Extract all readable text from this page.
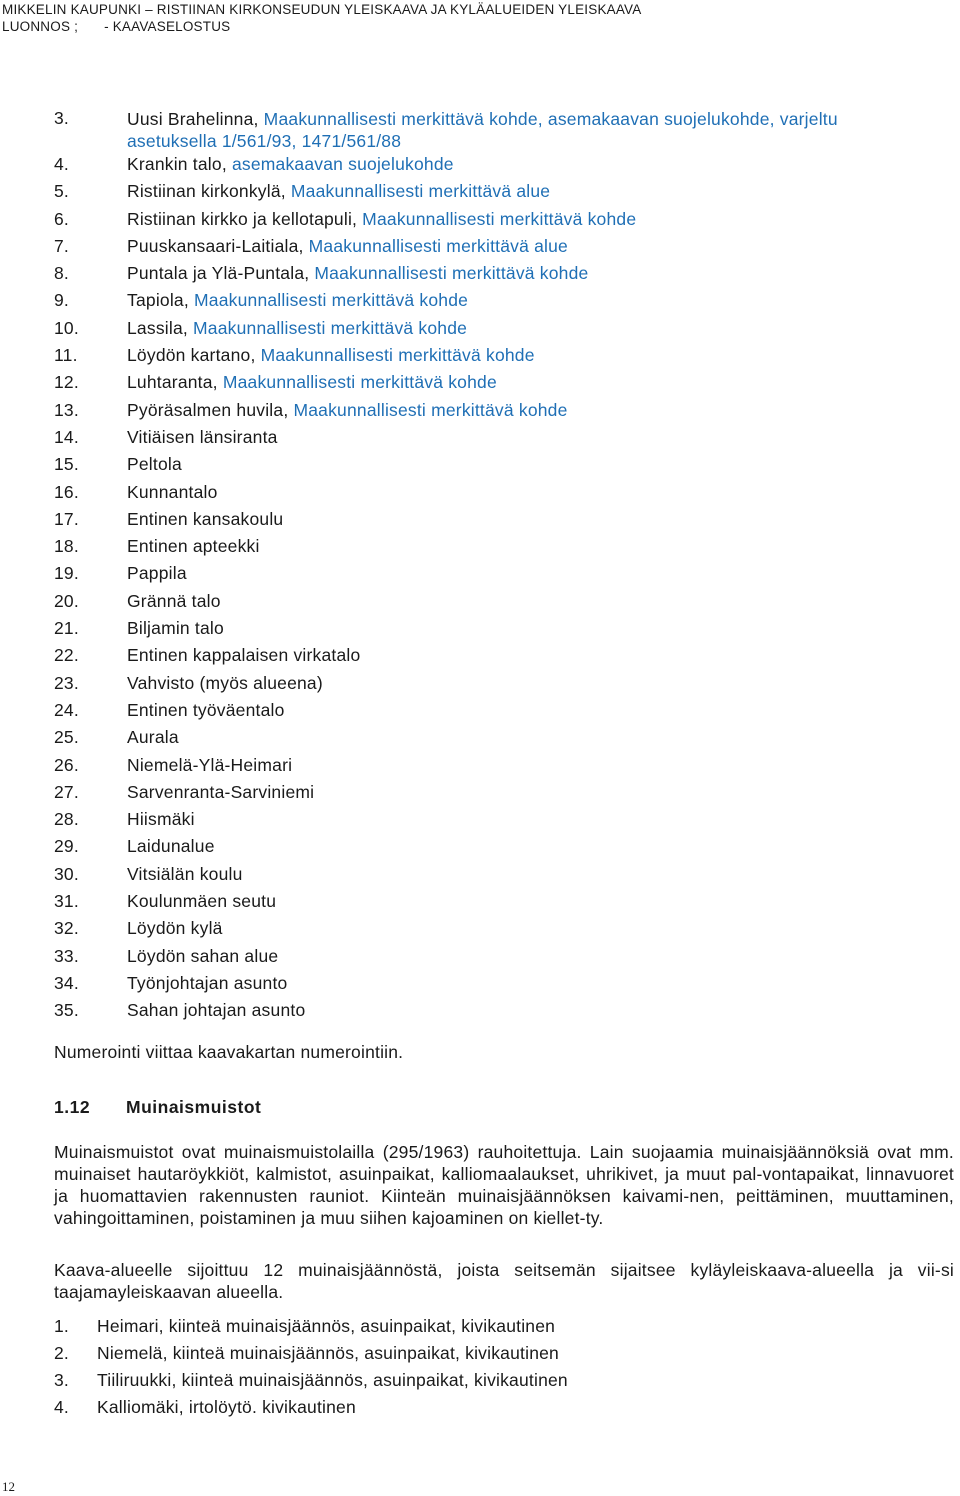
MIKKELIN KAUPUNKI – RISTIINAN KIRKONSEUDUN YLEISKAAVA JA KYLÄALUEIDEN YLEISKAAVA
LUONNOS ; - KAAVASELOSTUS
3.	Uusi Brahelinna, Maakunnallisesti merkittävä kohde, asemakaavan suojelukohde, varjeltu
asetuksella 1/561/93, 1471/561/88
4.	Krankin talo, asemakaavan suojelukohde
5.	Ristiinan kirkonkylä, Maakunnallisesti merkittävä alue
6.	Ristiinan kirkko ja kellotapuli, Maakunnallisesti merkittävä kohde
7.	Puuskansaari-Laitiala, Maakunnallisesti merkittävä alue
8.	Puntala ja Ylä-Puntala, Maakunnallisesti merkittävä kohde
9.	Tapiola, Maakunnallisesti merkittävä kohde
10.	Lassila, Maakunnallisesti merkittävä kohde
11.	Löydön kartano, Maakunnallisesti merkittävä kohde
12.	Luhtaranta, Maakunnallisesti merkittävä kohde
13.	Pyöräsalmen huvila, Maakunnallisesti merkittävä kohde
14.	Vitiäisen länsiranta
15.	Peltola
16.	Kunnantalo
17.	Entinen kansakoulu
18.	Entinen apteekki
19.	Pappila
20.	Grännä talo
21.	Biljamin talo
22.	Entinen kappalaisen virkatalo
23.	Vahvisto (myös alueena)
24.	Entinen työväentalo
25.	Aurala
26.	Niemelä-Ylä-Heimari
27.	Sarvenranta-Sarviniemi
28.	Hiismäki
29.	Laidunalue
30.	Vitsiälän koulu
31.	Koulunmäen seutu
32.	Löydön kylä
33.	Löydön sahan alue
34.	Työnjohtajan asunto
35.	Sahan johtajan asunto

Numerointi viittaa kaavakartan numerointiin.

1.12 Muinaismuistot

Muinaismuistot ovat muinaismuistolailla (295/1963) rauhoitettuja. Lain suojaamia muinaisjäännöksiä ovat mm. muinaiset hautaröykkiöt, kalmistot, asuinpaikat, kalliomaalaukset, uhrikivet, ja muut pal-vontapaikat, linnavuoret ja huomattavien rakennusten rauniot. Kiinteän muinaisjäännöksen kaivami-nen, peittäminen, muuttaminen, vahingoittaminen, poistaminen ja muu siihen kajoaminen on kiellet-ty.

Kaava-alueelle sijoittuu 12 muinaisjäännöstä, joista seitsemän sijaitsee kyläyleiskaava-alueella ja vii-si taajamayleiskaavan alueella.

1. Heimari, kiinteä muinaisjäännös, asuinpaikat, kivikautinen
2. Niemelä, kiinteä muinaisjäännös, asuinpaikat, kivikautinen
3. Tiiliruukki, kiinteä muinaisjäännös, asuinpaikat, kivikautinen
4. Kalliomäki, irtolöytö. kivikautinen
12
